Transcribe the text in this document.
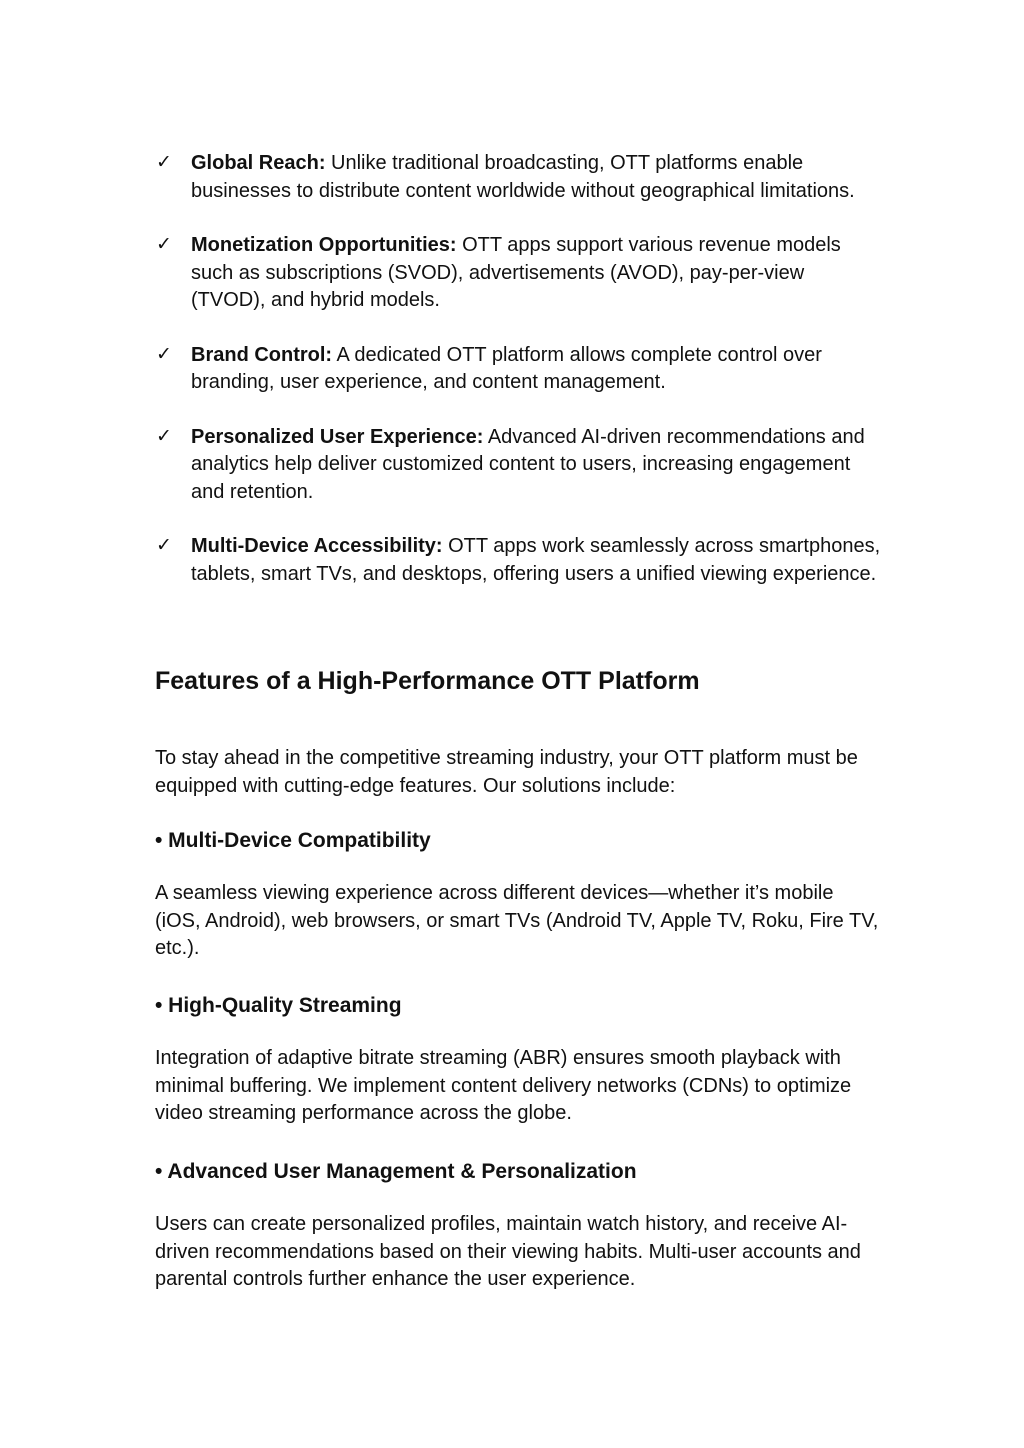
✓ Global Reach: Unlike traditional broadcasting, OTT platforms enable businesses to distribute content worldwide without geographical limitations.
✓ Monetization Opportunities: OTT apps support various revenue models such as subscriptions (SVOD), advertisements (AVOD), pay-per-view (TVOD), and hybrid models.
✓ Brand Control: A dedicated OTT platform allows complete control over branding, user experience, and content management.
✓ Personalized User Experience: Advanced AI-driven recommendations and analytics help deliver customized content to users, increasing engagement and retention.
✓ Multi-Device Accessibility: OTT apps work seamlessly across smartphones, tablets, smart TVs, and desktops, offering users a unified viewing experience.
Features of a High-Performance OTT Platform

To stay ahead in the competitive streaming industry, your OTT platform must be equipped with cutting-edge features. Our solutions include:

• Multi-Device Compatibility

A seamless viewing experience across different devices—whether it’s mobile (iOS, Android), web browsers, or smart TVs (Android TV, Apple TV, Roku, Fire TV, etc.).

• High-Quality Streaming

Integration of adaptive bitrate streaming (ABR) ensures smooth playback with minimal buffering. We implement content delivery networks (CDNs) to optimize video streaming performance across the globe.

• Advanced User Management & Personalization

Users can create personalized profiles, maintain watch history, and receive AI-driven recommendations based on their viewing habits. Multi-user accounts and parental controls further enhance the user experience.
